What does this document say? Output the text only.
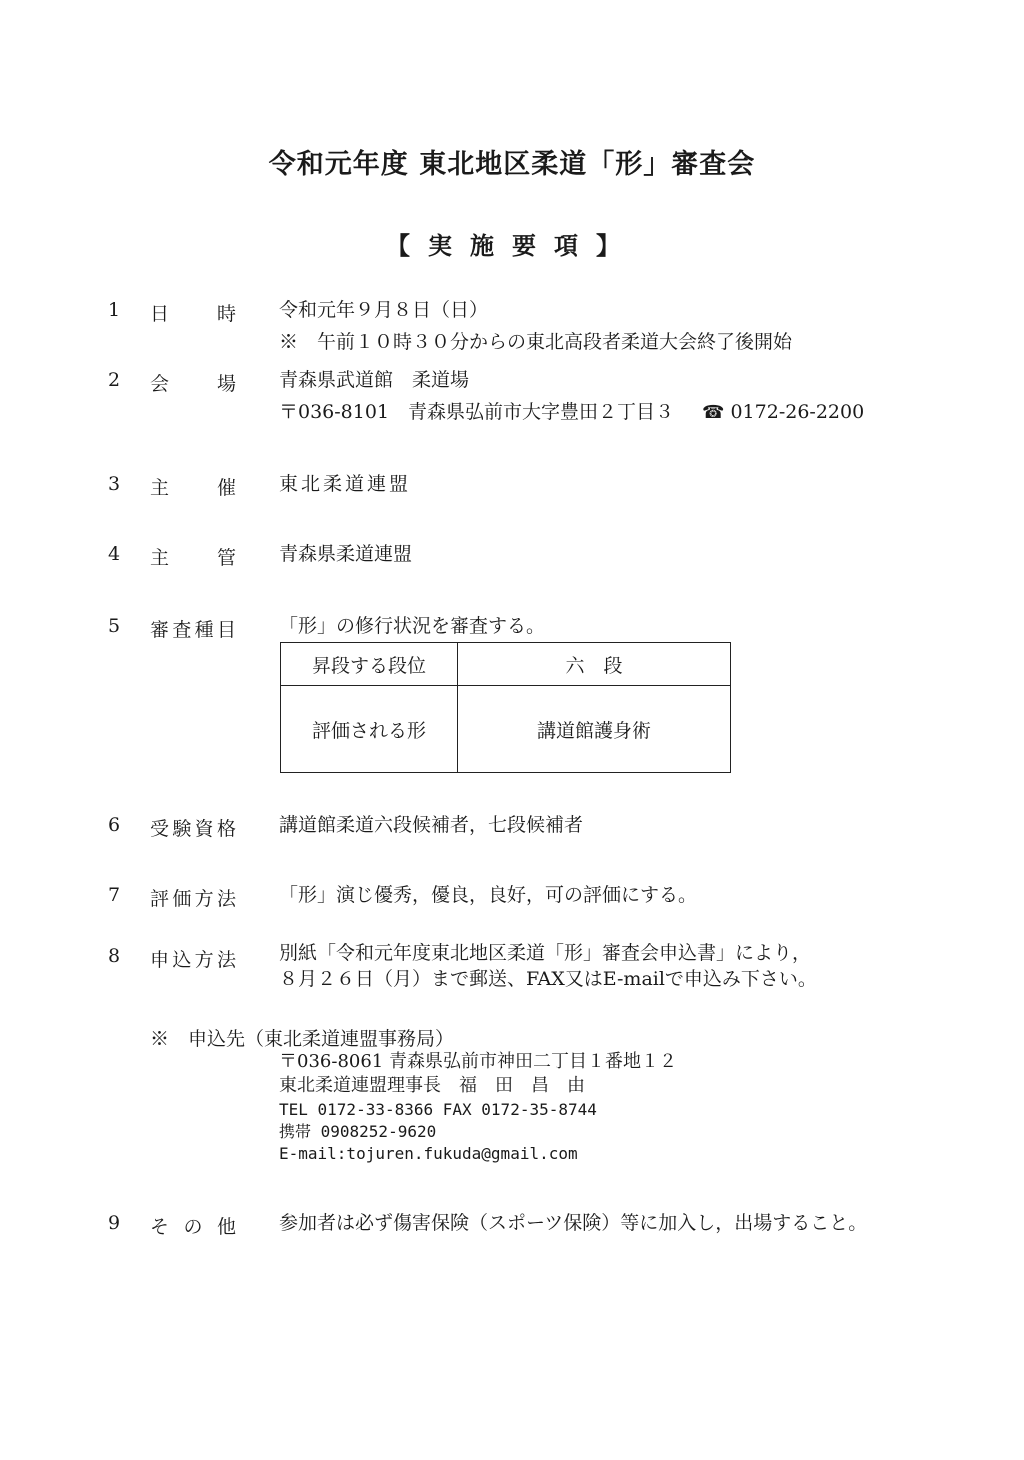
令和元年度 東北地区柔道「形」審査会
【実施要項】
1 日　　時 令和元年９月８日（日）
※　午前１０時３０分からの東北高段者柔道大会終了後開始
2 会　　場 青森県武道館　柔道場
〒036-8101　青森県弘前市大字豊田２丁目３ ☎ 0172-26-2200
3 主　　催 東北柔道連盟
4 主　　管 青森県柔道連盟
5 審査種目 「形」の修行状況を審査する。
昇段する段位	六　段
評価される形	講道館護身術
6 受験資格 講道館柔道六段候補者，七段候補者
7 評価方法 「形」演じ優秀，優良，良好，可の評価にする。
8 申込方法 別紙「令和元年度東北地区柔道「形」審査会申込書」により，
８月２６日（月）まで郵送、FAX又はE-mailで申込み下さい。
※　申込先（東北柔道連盟事務局）
〒036-8061 青森県弘前市神田二丁目１番地１２
東北柔道連盟理事長　福　田　昌　由
TEL 0172-33-8366 FAX 0172-35-8744
携帯 0908252-9620
E-mail:tojuren.fukuda@gmail.com
9 そ の 他 参加者は必ず傷害保険（スポーツ保険）等に加入し，出場すること。
